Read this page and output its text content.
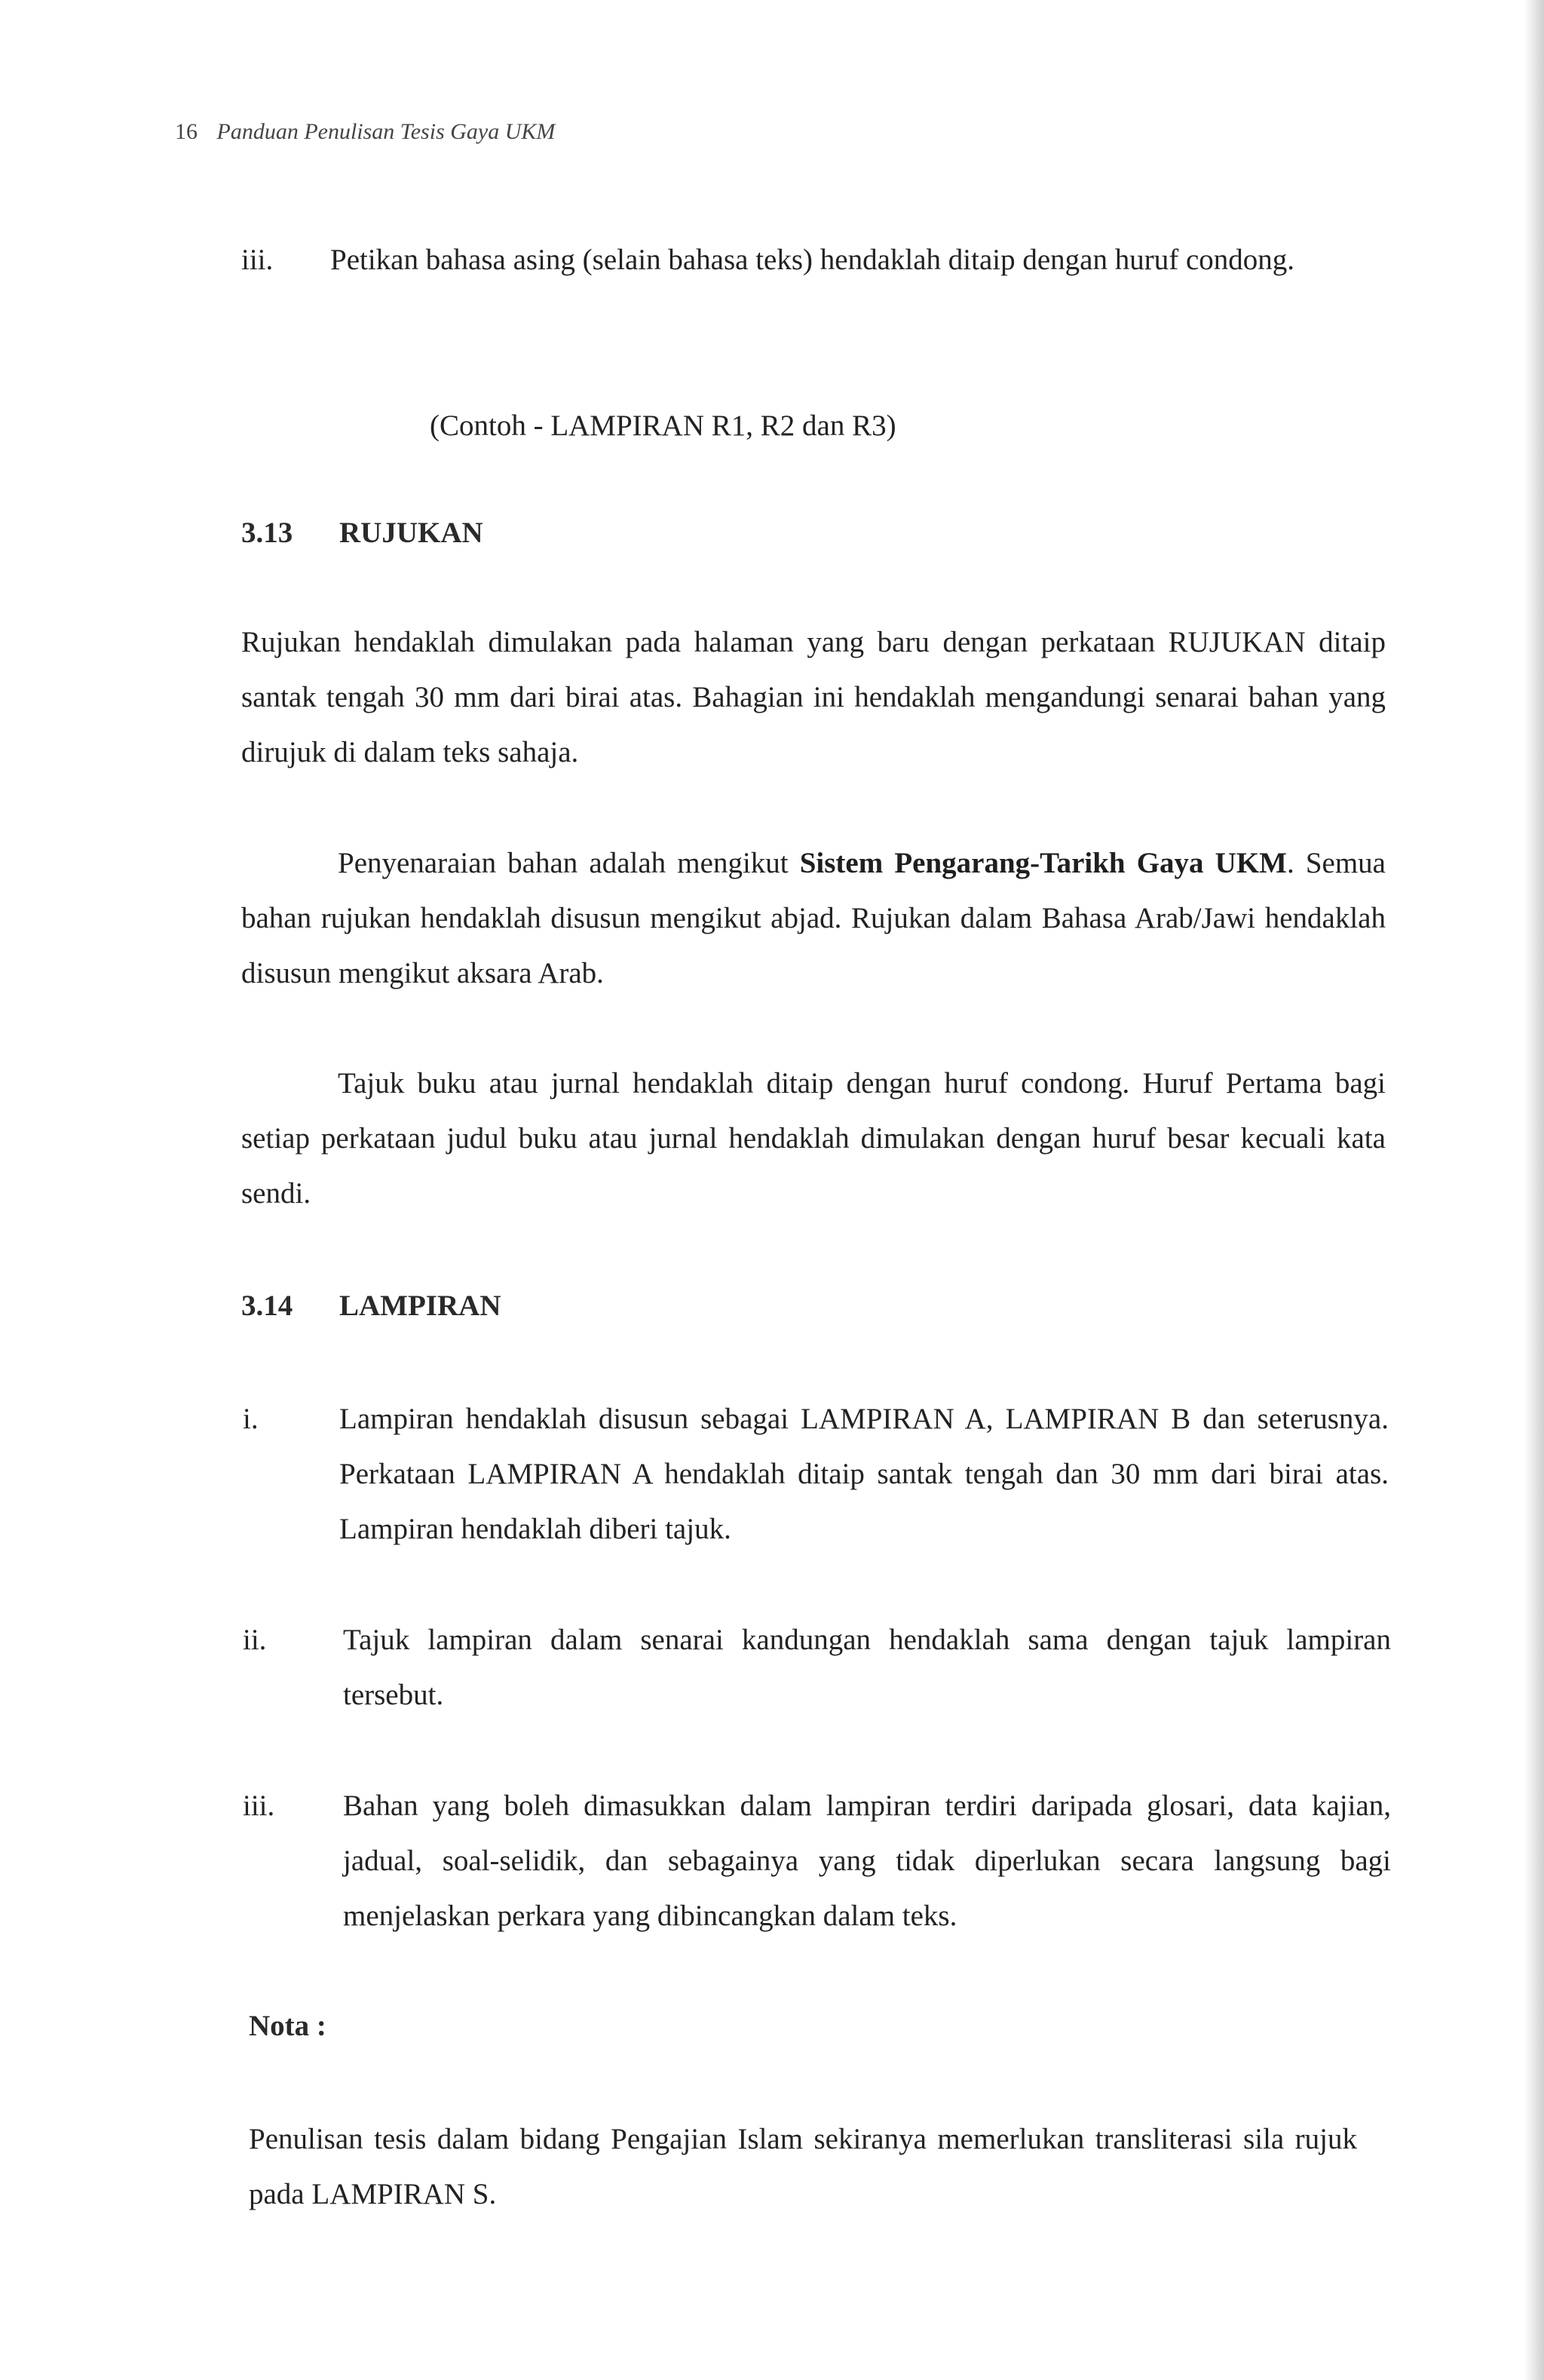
16 Panduan Penulisan Tesis Gaya UKM
iii. Petikan bahasa asing (selain bahasa teks) hendaklah ditaip dengan huruf condong.
(Contoh - LAMPIRAN R1, R2 dan R3)
3.13 RUJUKAN
Rujukan hendaklah dimulakan pada halaman yang baru dengan perkataan RUJUKAN ditaip santak tengah 30 mm dari birai atas. Bahagian ini hendaklah mengandungi senarai bahan yang dirujuk di dalam teks sahaja.
Penyenaraian bahan adalah mengikut Sistem Pengarang-Tarikh Gaya UKM. Semua bahan rujukan hendaklah disusun mengikut abjad. Rujukan dalam Bahasa Arab/Jawi hendaklah disusun mengikut aksara Arab.
Tajuk buku atau jurnal hendaklah ditaip dengan huruf condong. Huruf Pertama bagi setiap perkataan judul buku atau jurnal hendaklah dimulakan dengan huruf besar kecuali kata sendi.
3.14 LAMPIRAN
i.	Lampiran hendaklah disusun sebagai LAMPIRAN A, LAMPIRAN B dan seterusnya. Perkataan LAMPIRAN A hendaklah ditaip santak tengah dan 30 mm dari birai atas. Lampiran hendaklah diberi tajuk.
ii.	Tajuk lampiran dalam senarai kandungan hendaklah sama dengan tajuk lampiran tersebut.
iii. Bahan yang boleh dimasukkan dalam lampiran terdiri daripada glosari, data kajian, jadual, soal-selidik, dan sebagainya yang tidak diperlukan secara langsung bagi menjelaskan perkara yang dibincangkan dalam teks.
Nota :
Penulisan tesis dalam bidang Pengajian Islam sekiranya memerlukan transliterasi sila rujuk pada LAMPIRAN S.
